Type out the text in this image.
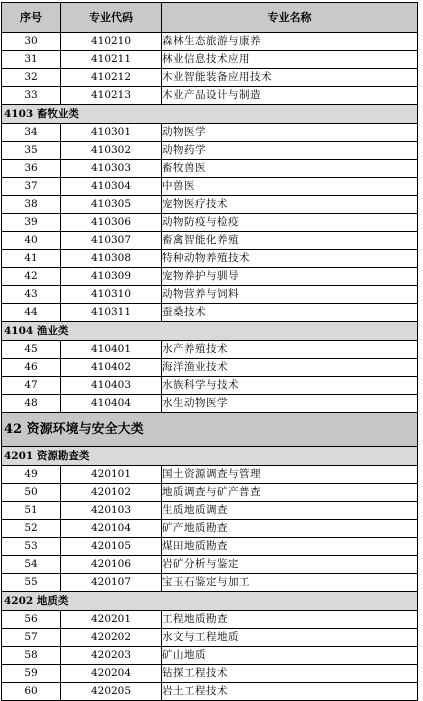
序号	专业代码	专业名称
30	410210	森林生态旅游与康养
31	410211	林业信息技术应用
32	410212	木业智能装备应用技术
33	410213	木业产品设计与制造
4103 畜牧业类		
34	410301	动物医学
35	410302	动物药学
36	410303	畜牧兽医
37	410304	中兽医
38	410305	宠物医疗技术
39	410306	动物防疫与检疫
40	410307	畜禽智能化养殖
41	410308	特种动物养殖技术
42	410309	宠物养护与驯导
43	410310	动物营养与饲料
44	410311	蚕桑技术
4104 渔业类		
45	410401	水产养殖技术
46	410402	海洋渔业技术
47	410403	水族科学与技术
48	410404	水生动物医学
42 资源环境与安全大类		
4201 资源勘查类		
49	420101	国土资源调查与管理
50	420102	地质调查与矿产普查
51	420103	生质地质调查
52	420104	矿产地质勘查
53	420105	煤田地质勘查
54	420106	岩矿分析与鉴定
55	420107	宝玉石鉴定与加工
4202 地质类		
56	420201	工程地质勘查
57	420202	水文与工程地质
58	420203	矿山地质
59	420204	钻探工程技术
60	420205	岩土工程技术
